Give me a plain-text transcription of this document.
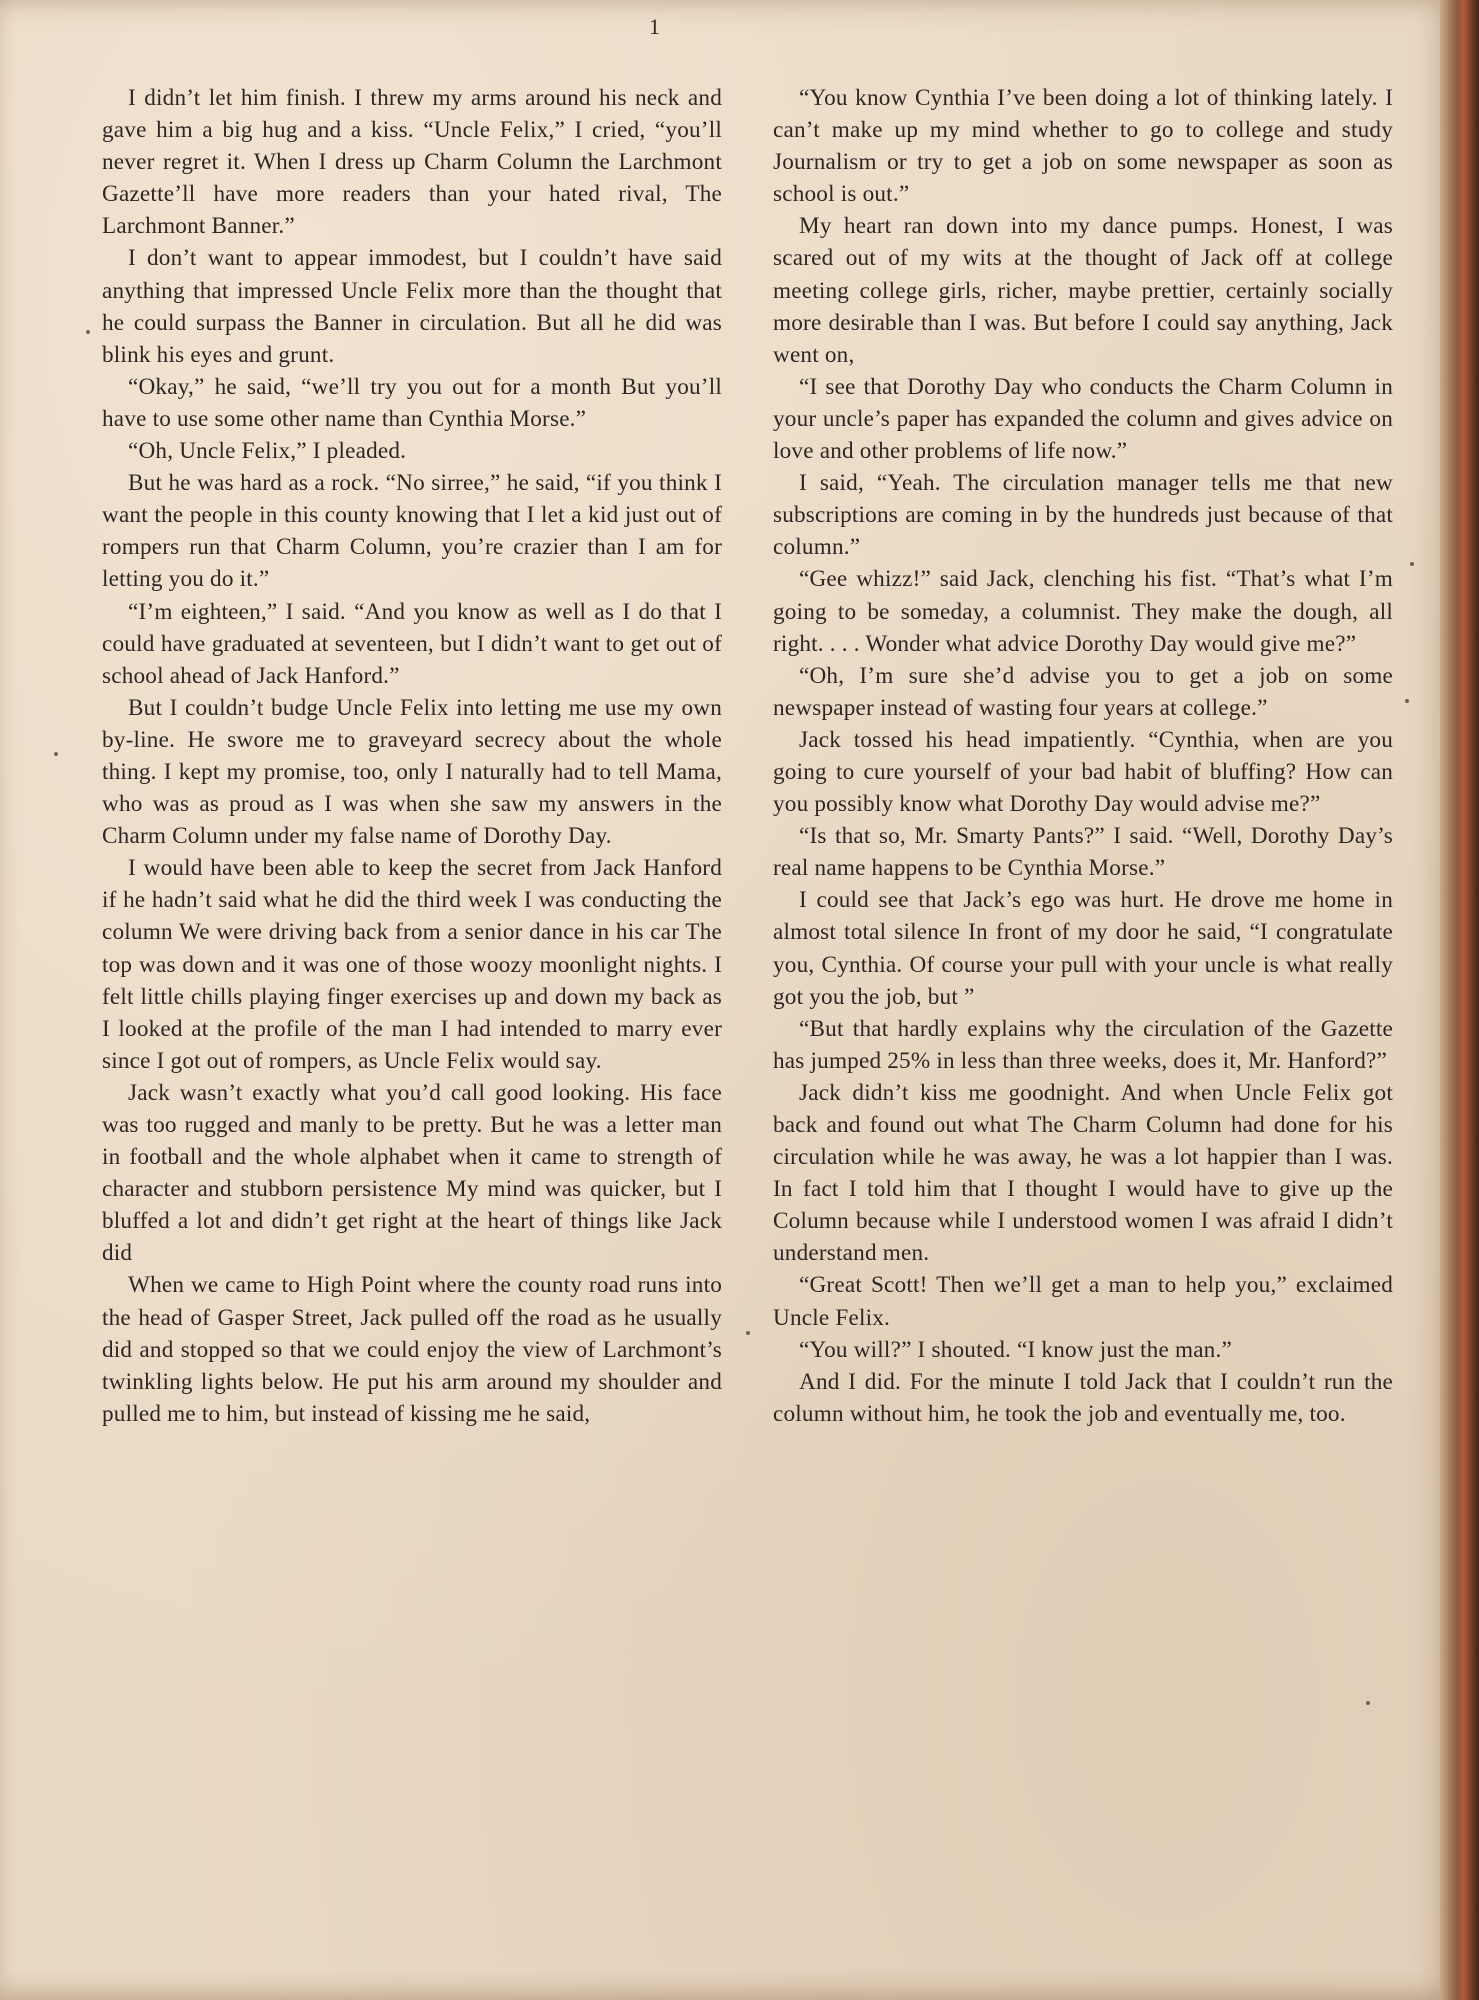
1

I didn’t let him finish. I threw my arms around his neck and gave him a big hug and a kiss. “Uncle Felix,” I cried, “you’ll never regret it. When I dress up Charm Column the Larchmont Gazette’ll have more readers than your hated rival, The Larchmont Banner.”

I don’t want to appear immodest, but I couldn’t have said anything that impressed Uncle Felix more than the thought that he could surpass the Banner in circulation. But all he did was blink his eyes and grunt.

“Okay,” he said, “we’ll try you out for a month But you’ll have to use some other name than Cynthia Morse.”

“Oh, Uncle Felix,” I pleaded.

But he was hard as a rock. “No sirree,” he said, “if you think I want the people in this county knowing that I let a kid just out of rompers run that Charm Column, you’re crazier than I am for letting you do it.”

“I’m eighteen,” I said. “And you know as well as I do that I could have graduated at seventeen, but I didn’t want to get out of school ahead of Jack Hanford.”

But I couldn’t budge Uncle Felix into letting me use my own by-line. He swore me to graveyard secrecy about the whole thing. I kept my promise, too, only I naturally had to tell Mama, who was as proud as I was when she saw my answers in the Charm Column under my false name of Dorothy Day.

I would have been able to keep the secret from Jack Hanford if he hadn’t said what he did the third week I was conducting the column We were driving back from a senior dance in his car The top was down and it was one of those woozy moonlight nights. I felt little chills playing finger exercises up and down my back as I looked at the profile of the man I had intended to marry ever since I got out of rompers, as Uncle Felix would say.

Jack wasn’t exactly what you’d call good looking. His face was too rugged and manly to be pretty. But he was a letter man in football and the whole alphabet when it came to strength of character and stubborn persistence My mind was quicker, but I bluffed a lot and didn’t get right at the heart of things like Jack did

When we came to High Point where the county road runs into the head of Gasper Street, Jack pulled off the road as he usually did and stopped so that we could enjoy the view of Larchmont’s twinkling lights below. He put his arm around my shoulder and pulled me to him, but instead of kissing me he said,

“You know Cynthia I’ve been doing a lot of thinking lately. I can’t make up my mind whether to go to college and study Journalism or try to get a job on some newspaper as soon as school is out.”

My heart ran down into my dance pumps. Honest, I was scared out of my wits at the thought of Jack off at college meeting college girls, richer, maybe prettier, certainly socially more desirable than I was. But before I could say anything, Jack went on,

“I see that Dorothy Day who conducts the Charm Column in your uncle’s paper has expanded the column and gives advice on love and other problems of life now.”

I said, “Yeah. The circulation manager tells me that new subscriptions are coming in by the hundreds just because of that column.”

“Gee whizz!” said Jack, clenching his fist. “That’s what I’m going to be someday, a columnist. They make the dough, all right. . . . Wonder what advice Dorothy Day would give me?”

“Oh, I’m sure she’d advise you to get a job on some newspaper instead of wasting four years at college.”

Jack tossed his head impatiently. “Cynthia, when are you going to cure yourself of your bad habit of bluffing? How can you possibly know what Dorothy Day would advise me?”

“Is that so, Mr. Smarty Pants?” I said. “Well, Dorothy Day’s real name happens to be Cynthia Morse.”

I could see that Jack’s ego was hurt. He drove me home in almost total silence In front of my door he said, “I congratulate you, Cynthia. Of course your pull with your uncle is what really got you the job, but ”

“But that hardly explains why the circulation of the Gazette has jumped 25% in less than three weeks, does it, Mr. Hanford?”

Jack didn’t kiss me goodnight. And when Uncle Felix got back and found out what The Charm Column had done for his circulation while he was away, he was a lot happier than I was. In fact I told him that I thought I would have to give up the Column because while I understood women I was afraid I didn’t understand men.

“Great Scott! Then we’ll get a man to help you,” exclaimed Uncle Felix.

“You will?” I shouted. “I know just the man.”

And I did. For the minute I told Jack that I couldn’t run the column without him, he took the job and eventually me, too.
